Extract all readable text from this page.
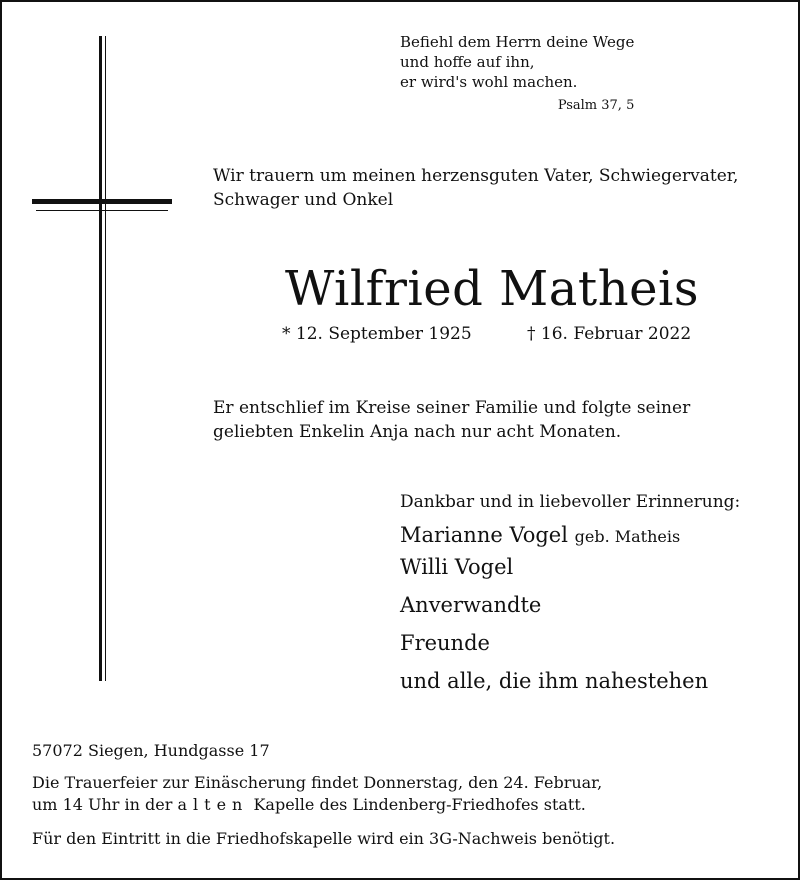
Befiehl dem Herrn deine Wege
und hoffe auf ihn,
er wird's wohl machen.
Psalm 37, 5
Wir trauern um meinen herzensguten Vater, Schwiegervater,
Schwager und Onkel
Wilfried Matheis
* 12. September 1925	† 16. Februar 2022
Er entschlief im Kreise seiner Familie und folgte seiner
geliebten Enkelin Anja nach nur acht Monaten.
Dankbar und in liebevoller Erinnerung:
Marianne Vogel geb. Matheis
Willi Vogel
Anverwandte
Freunde
und alle, die ihm nahestehen
57072 Siegen, Hundgasse 17
Die Trauerfeier zur Einäscherung findet Donnerstag, den 24. Februar,
um 14 Uhr in der alten Kapelle des Lindenberg-Friedhofes statt.
Für den Eintritt in die Friedhofskapelle wird ein 3G-Nachweis benötigt.
